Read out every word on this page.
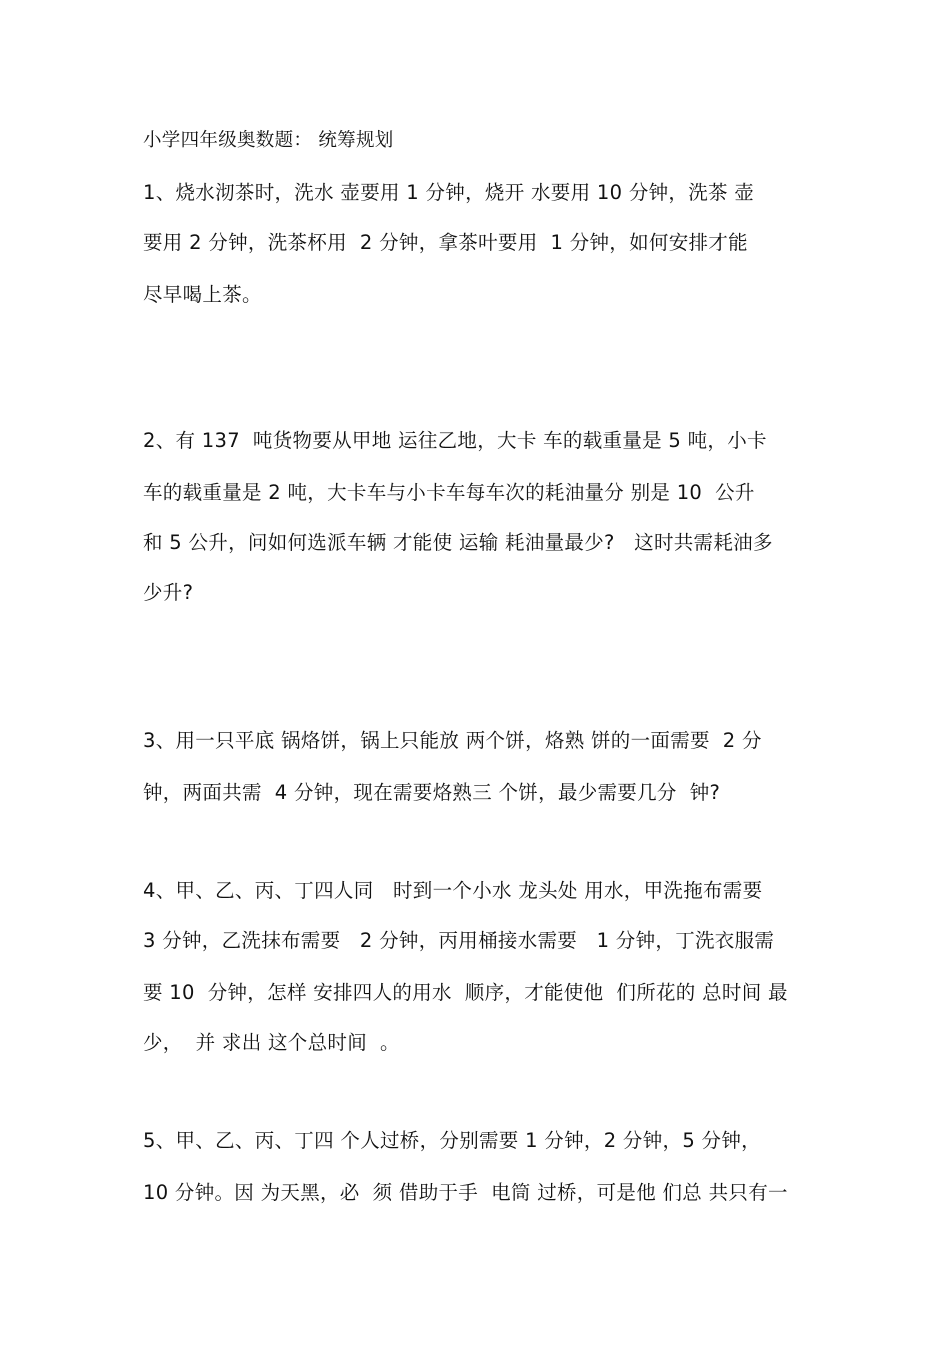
小学四年级奥数题： 统筹规划
1、烧水沏茶时，洗水 壶要用 1 分钟，烧开 水要用 10 分钟，洗茶 壶
要用 2 分钟，洗茶杯用  2 分钟，拿茶叶要用  1 分钟，如何安排才能
尽早喝上茶。
2、有 137  吨货物要从甲地 运往乙地，大卡 车的载重量是 5 吨，小卡
车的载重量是 2 吨，大卡车与小卡车每车次的耗油量分 别是 10  公升
和 5 公升，问如何选派车辆 才能使 运输 耗油量最少?   这时共需耗油多
少升?
3、用一只平底 锅烙饼，锅上只能放 两个饼，烙熟 饼的一面需要  2 分
钟，两面共需  4 分钟，现在需要烙熟三 个饼，最少需要几分  钟?
4、甲、乙、丙、丁四人同   时到一个小水 龙头处 用水，甲洗拖布需要
3 分钟，乙洗抹布需要   2 分钟，丙用桶接水需要   1 分钟，丁洗衣服需
要 10  分钟，怎样 安排四人的用水  顺序，才能使他  们所花的 总时间 最
少，  并 求出 这个总时间  。
5、甲、乙、丙、丁四 个人过桥，分别需要 1 分钟，2 分钟，5 分钟，
10 分钟。因 为天黑，必  须 借助于手  电筒 过桥，可是他 们总 共只有一
